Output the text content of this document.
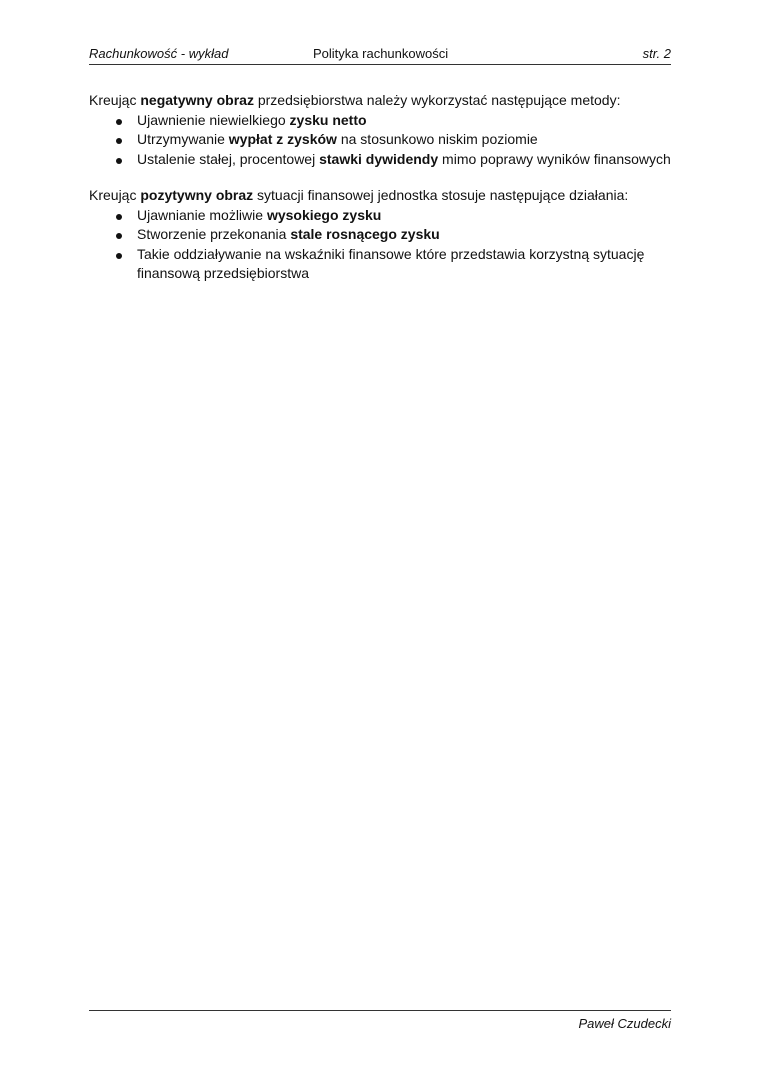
Rachunkowość - wykład	Polityka rachunkowości	str. 2

Kreując negatywny obraz przedsiębiorstwa należy wykorzystać następujące metody:

Ujawnienie niewielkiego zysku netto
Utrzymywanie wypłat z zysków na stosunkowo niskim poziomie
Ustalenie stałej, procentowej stawki dywidendy mimo poprawy wyników finansowych

Kreując pozytywny obraz sytuacji finansowej jednostka stosuje następujące działania:

Ujawnianie możliwie wysokiego zysku
Stworzenie przekonania stale rosnącego zysku
Takie oddziaływanie na wskaźniki finansowe które przedstawia korzystną sytuację finansową przedsiębiorstwa
Paweł Czudecki
